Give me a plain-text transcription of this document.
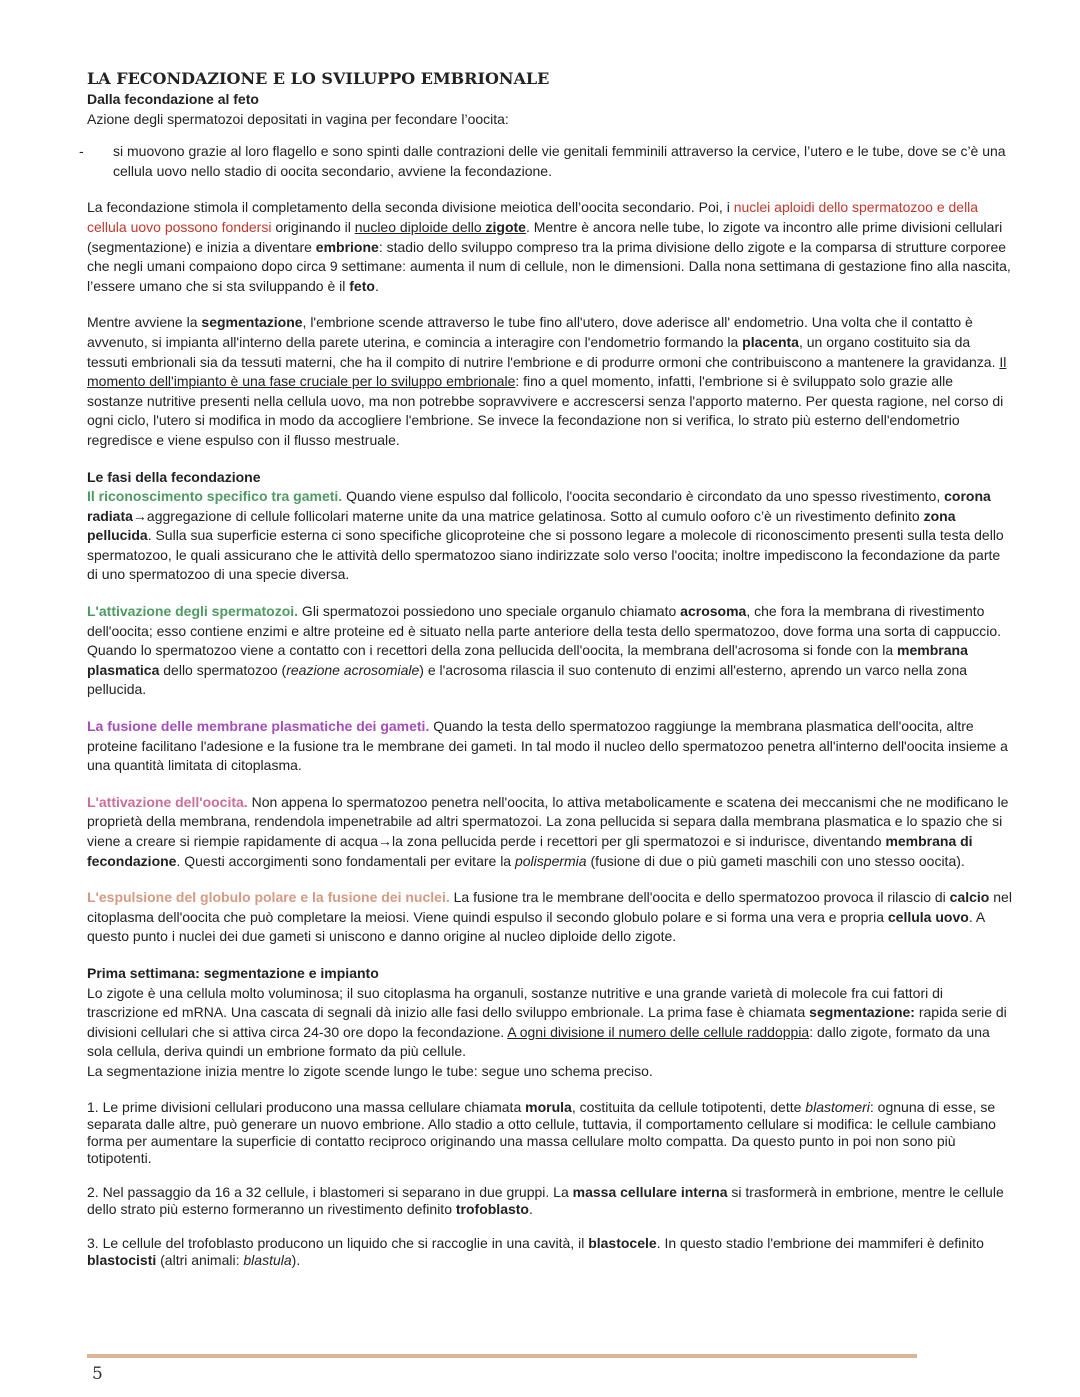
LA FECONDAZIONE E LO SVILUPPO EMBRIONALE

Dalla fecondazione al feto

Azione degli spermatozoi depositati in vagina per fecondare l’oocita:

- si muovono grazie al loro flagello e sono spinti dalle contrazioni delle vie genitali femminili attraverso la cervice, l’utero e le tube, dove se c’è una cellula uovo nello stadio di oocita secondario, avviene la fecondazione.

La fecondazione stimola il completamento della seconda divisione meiotica dell’oocita secondario. Poi, i nuclei aploidi dello spermatozoo e della cellula uovo possono fondersi originando il nucleo diploide dello zigote. Mentre è ancora nelle tube, lo zigote va incontro alle prime divisioni cellulari (segmentazione) e inizia a diventare embrione: stadio dello sviluppo compreso tra la prima divisione dello zigote e la comparsa di strutture corporee che negli umani compaiono dopo circa 9 settimane: aumenta il num di cellule, non le dimensioni. Dalla nona settimana di gestazione fino alla nascita, l’essere umano che si sta sviluppando è il feto.

Mentre avviene la segmentazione, l'embrione scende attraverso le tube fino all'utero, dove aderisce all' endometrio. Una volta che il contatto è avvenuto, si impianta all'interno della parete uterina, e comincia a interagire con l'endometrio formando la placenta, un organo costituito sia da tessuti embrionali sia da tessuti materni, che ha il compito di nutrire l'embrione e di produrre ormoni che contribuiscono a mantenere la gravidanza. Il momento dell'impianto è una fase cruciale per lo sviluppo embrionale: fino a quel momento, infatti, l'embrione si è sviluppato solo grazie alle sostanze nutritive presenti nella cellula uovo, ma non potrebbe sopravvivere e accrescersi senza l'apporto materno. Per questa ragione, nel corso di ogni ciclo, l'utero si modifica in modo da accogliere l'embrione. Se invece la fecondazione non si verifica, lo strato più esterno dell'endometrio regredisce e viene espulso con il flusso mestruale.

Le fasi della fecondazione

Il riconoscimento specifico tra gameti. Quando viene espulso dal follicolo, l'oocita secondario è circondato da uno spesso rivestimento, corona radiata→aggregazione di cellule follicolari materne unite da una matrice gelatinosa. Sotto al cumulo ooforo c’è un rivestimento definito zona pellucida. Sulla sua superficie esterna ci sono specifiche glicoproteine che si possono legare a molecole di riconoscimento presenti sulla testa dello spermatozoo, le quali assicurano che le attività dello spermatozoo siano indirizzate solo verso l'oocita; inoltre impediscono la fecondazione da parte di uno spermatozoo di una specie diversa.

L'attivazione degli spermatozoi. Gli spermatozoi possiedono uno speciale organulo chiamato acrosoma, che fora la membrana di rivestimento dell'oocita; esso contiene enzimi e altre proteine ed è situato nella parte anteriore della testa dello spermatozoo, dove forma una sorta di cappuccio. Quando lo spermatozoo viene a contatto con i recettori della zona pellucida dell'oocita, la membrana dell'acrosoma si fonde con la membrana plasmatica dello spermatozoo (reazione acrosomiale) e l'acrosoma rilascia il suo contenuto di enzimi all'esterno, aprendo un varco nella zona pellucida.

La fusione delle membrane plasmatiche dei gameti. Quando la testa dello spermatozoo raggiunge la membrana plasmatica dell'oocita, altre proteine facilitano l'adesione e la fusione tra le membrane dei gameti. In tal modo il nucleo dello spermatozoo penetra all'interno dell'oocita insieme a una quantità limitata di citoplasma.

L'attivazione dell'oocita. Non appena lo spermatozoo penetra nell'oocita, lo attiva metabolicamente e scatena dei meccanismi che ne modificano le proprietà della membrana, rendendola impenetrabile ad altri spermatozoi. La zona pellucida si separa dalla membrana plasmatica e lo spazio che si viene a creare si riempie rapidamente di acqua→la zona pellucida perde i recettori per gli spermatozoi e si indurisce, diventando membrana di fecondazione. Questi accorgimenti sono fondamentali per evitare la polispermia (fusione di due o più gameti maschili con uno stesso oocita).

L'espulsione del globulo polare e la fusione dei nuclei. La fusione tra le membrane dell'oocita e dello spermatozoo provoca il rilascio di calcio nel citoplasma dell'oocita che può completare la meiosi. Viene quindi espulso il secondo globulo polare e si forma una vera e propria cellula uovo. A questo punto i nuclei dei due gameti si uniscono e danno origine al nucleo diploide dello zigote.

Prima settimana: segmentazione e impianto

Lo zigote è una cellula molto voluminosa; il suo citoplasma ha organuli, sostanze nutritive e una grande varietà di molecole fra cui fattori di trascrizione ed mRNA. Una cascata di segnali dà inizio alle fasi dello sviluppo embrionale. La prima fase è chiamata segmentazione: rapida serie di divisioni cellulari che si attiva circa 24-30 ore dopo la fecondazione. A ogni divisione il numero delle cellule raddoppia: dallo zigote, formato da una sola cellula, deriva quindi un embrione formato da più cellule.

La segmentazione inizia mentre lo zigote scende lungo le tube: segue uno schema preciso.

1. Le prime divisioni cellulari producono una massa cellulare chiamata morula, costituita da cellule totipotenti, dette blastomeri: ognuna di esse, se separata dalle altre, può generare un nuovo embrione. Allo stadio a otto cellule, tuttavia, il comportamento cellulare si modifica: le cellule cambiano forma per aumentare la superficie di contatto reciproco originando una massa cellulare molto compatta. Da questo punto in poi non sono più totipotenti.

2. Nel passaggio da 16 a 32 cellule, i blastomeri si separano in due gruppi. La massa cellulare interna si trasformerà in embrione, mentre le cellule dello strato più esterno formeranno un rivestimento definito trofoblasto.

3. Le cellule del trofoblasto producono un liquido che si raccoglie in una cavità, il blastocele. In questo stadio l'embrione dei mammiferi è definito blastocisti (altri animali: blastula).

5
